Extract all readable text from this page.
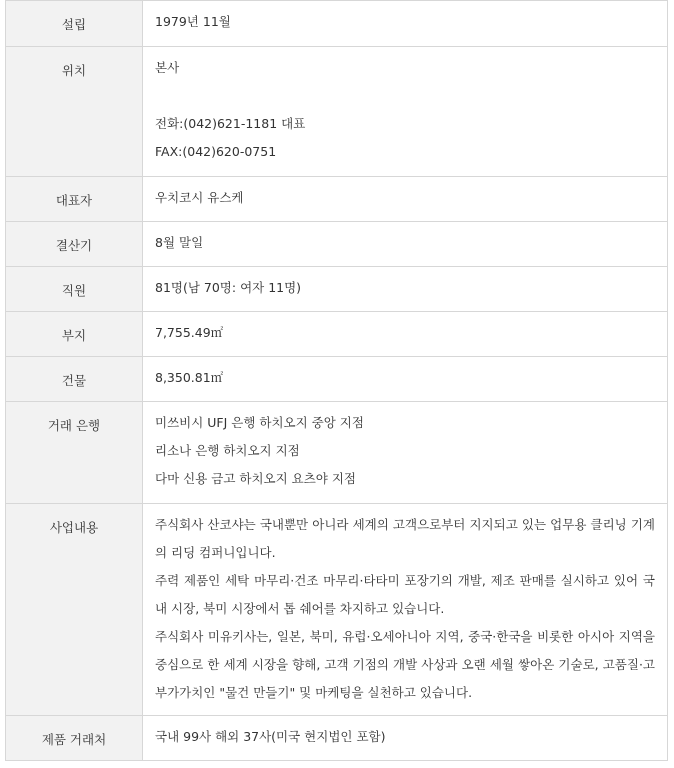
설립	1979년 11월

위치	본사
전화:(042)621-1181 대표
FAX:(042)620-0751

대표자	우치코시 유스케

결산기	8월 말일

직원	81명(남 70명: 여자 11명)

부지	7,755.49㎡

건물	8,350.81㎡

거래 은행	미쓰비시 UFJ 은행 하치오지 중앙 지점
리소나 은행 하치오지 지점
다마 신용 금고 하치오지 요츠야 지점

사업내용	주식회사 산코샤는 국내뿐만 아니라 세계의 고객으로부터 지지되고 있는 업무용 클리닝 기계의 리딩 컴퍼니입니다.
주력 제품인 세탁 마무리·건조 마무리·타타미 포장기의 개발, 제조 판매를 실시하고 있어 국내 시장, 북미 시장에서 톱 쉐어를 차지하고 있습니다.
주식회사 미유키사는, 일본, 북미, 유럽·오세아니아 지역, 중국·한국을 비롯한 아시아 지역을 중심으로 한 세계 시장을 향해, 고객 기점의 개발 사상과 오랜 세월 쌓아온 기술로, 고품질·고부가가치인 "물건 만들기" 및 마케팅을 실천하고 있습니다.

제품 거래처	국내 99사 해외 37사(미국 현지법인 포함)
